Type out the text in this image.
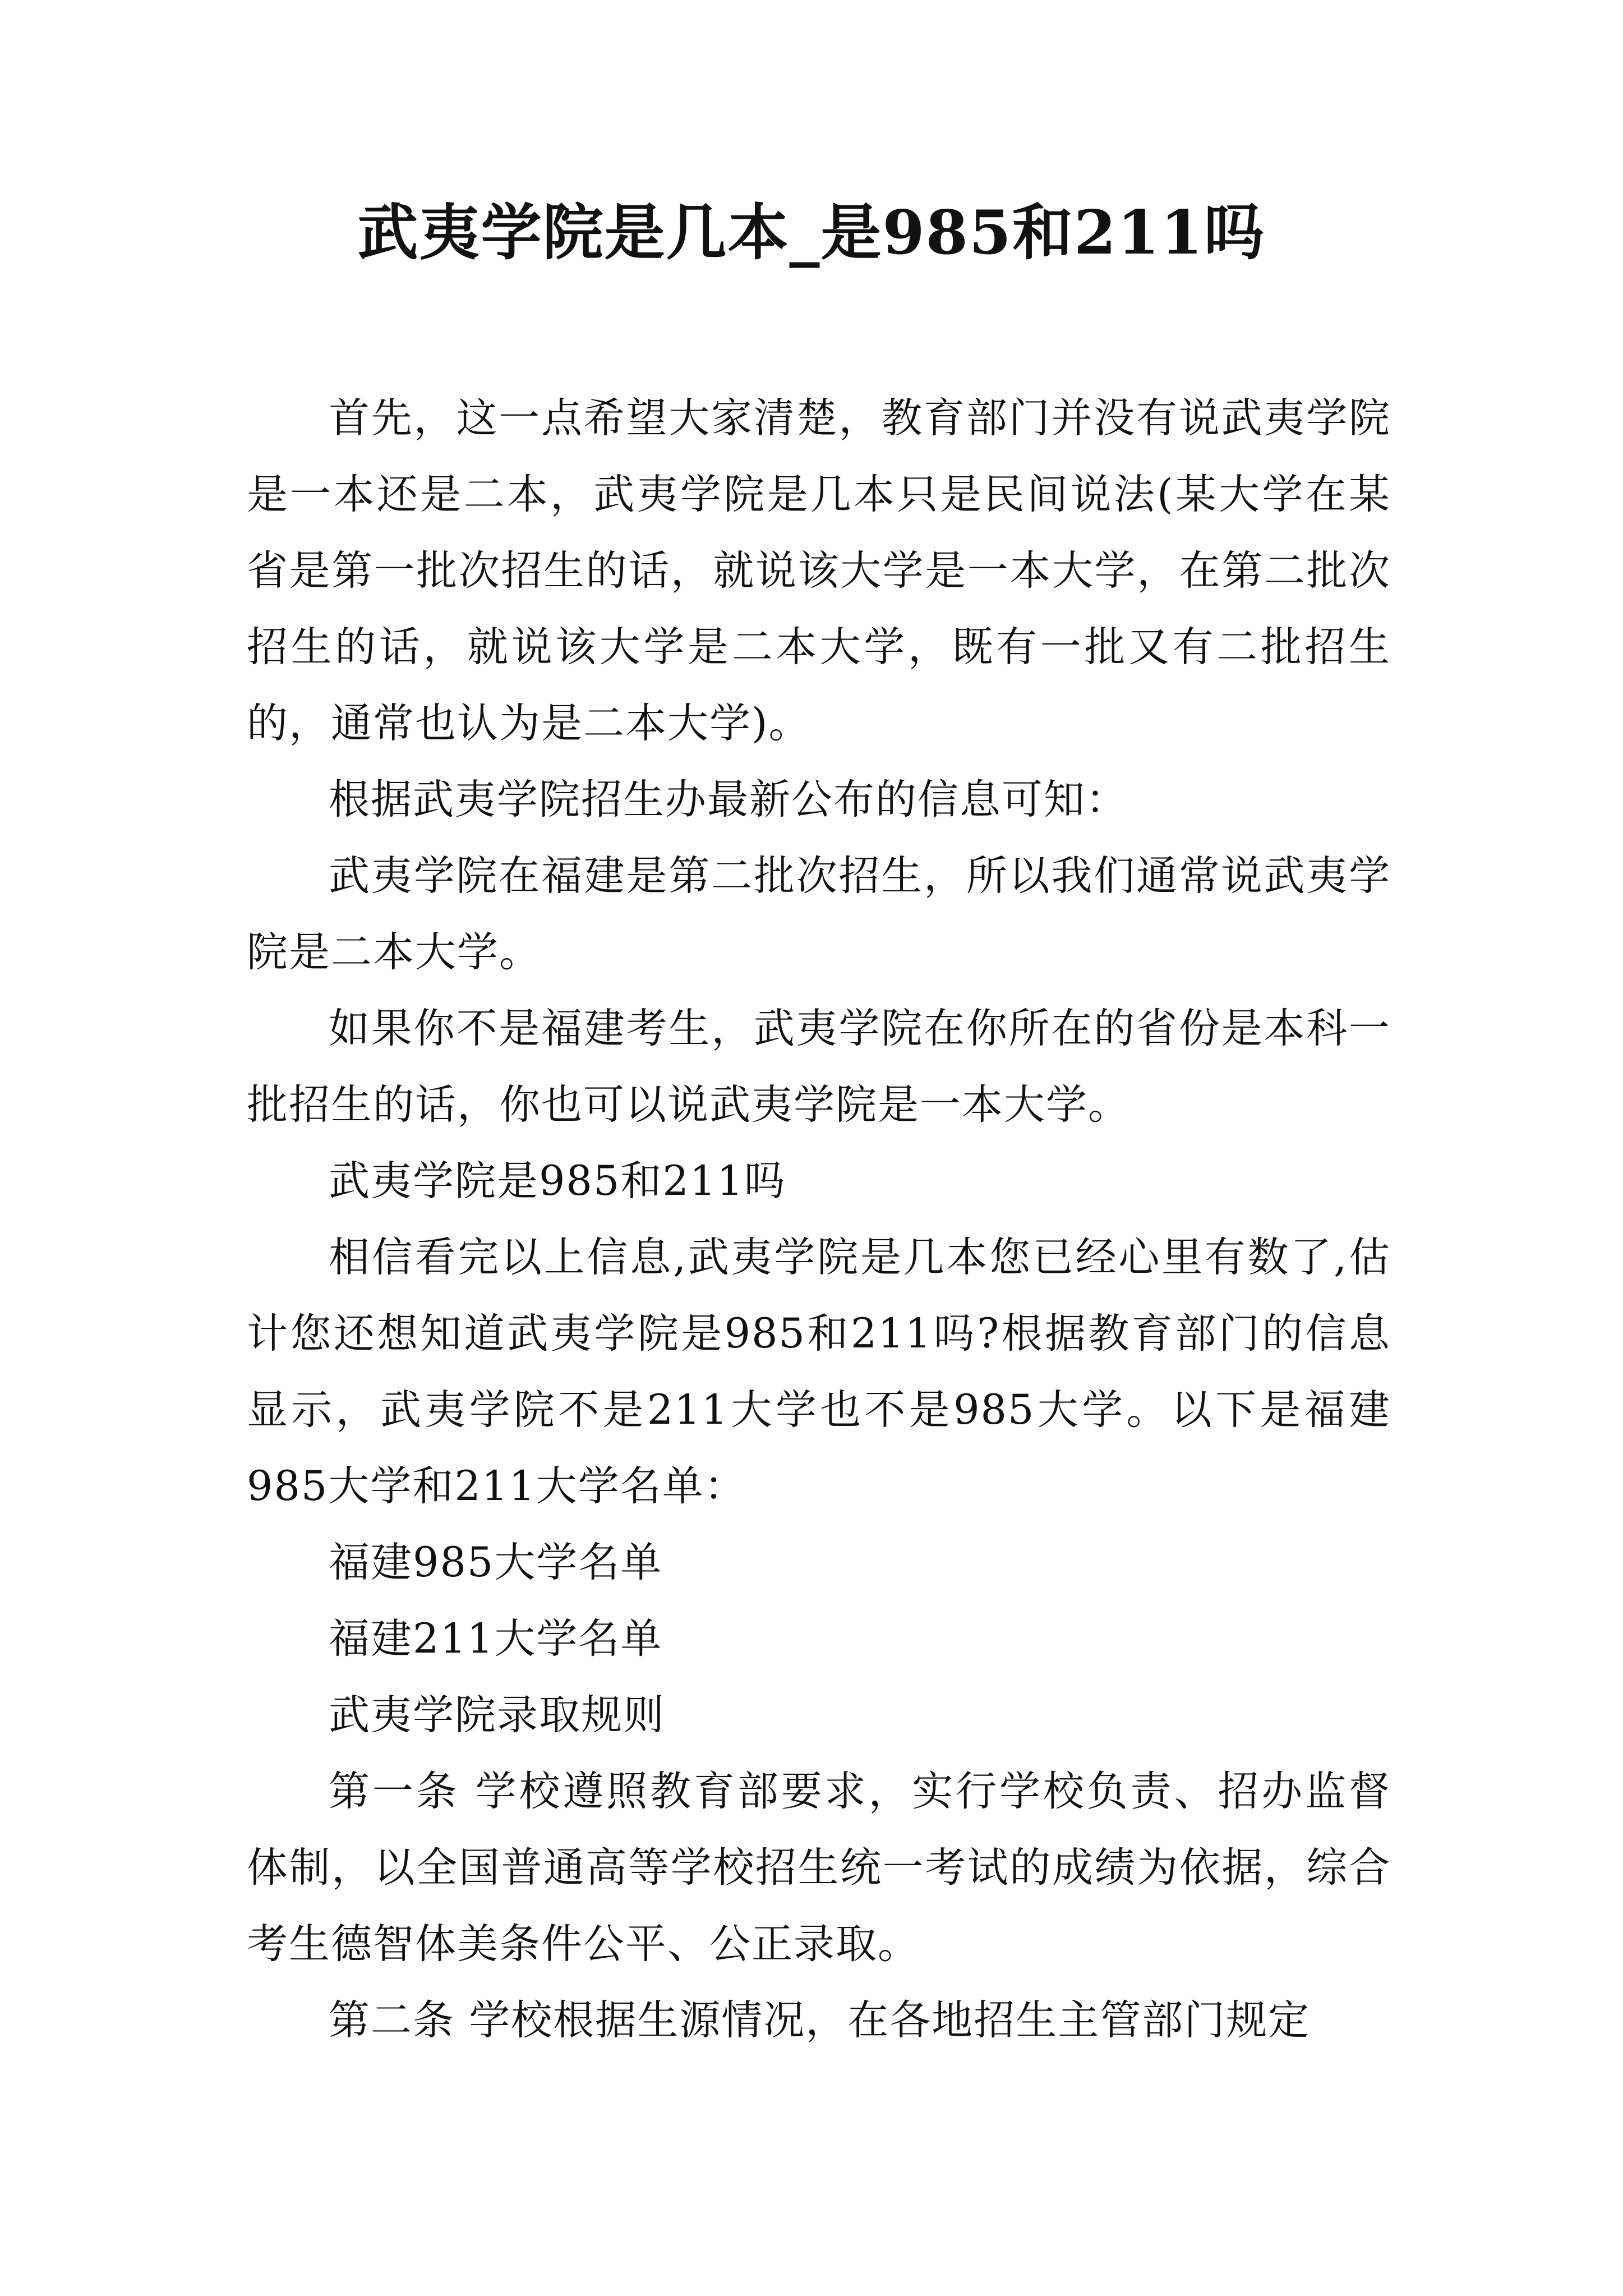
武夷学院是几本_是985和211吗

首先，这一点希望大家清楚，教育部门并没有说武夷学院是一本还是二本，武夷学院是几本只是民间说法(某大学在某省是第一批次招生的话，就说该大学是一本大学，在第二批次招生的话，就说该大学是二本大学，既有一批又有二批招生的，通常也认为是二本大学)。

根据武夷学院招生办最新公布的信息可知：

武夷学院在福建是第二批次招生，所以我们通常说武夷学院是二本大学。

如果你不是福建考生，武夷学院在你所在的省份是本科一批招生的话，你也可以说武夷学院是一本大学。

武夷学院是985和211吗

相信看完以上信息,武夷学院是几本您已经心里有数了,估计您还想知道武夷学院是985和211吗?根据教育部门的信息显示，武夷学院不是211大学也不是985大学。以下是福建985大学和211大学名单：

福建985大学名单

福建211大学名单

武夷学院录取规则

第一条 学校遵照教育部要求，实行学校负责、招办监督体制，以全国普通高等学校招生统一考试的成绩为依据，综合考生德智体美条件公平、公正录取。

第二条 学校根据生源情况，在各地招生主管部门规定
